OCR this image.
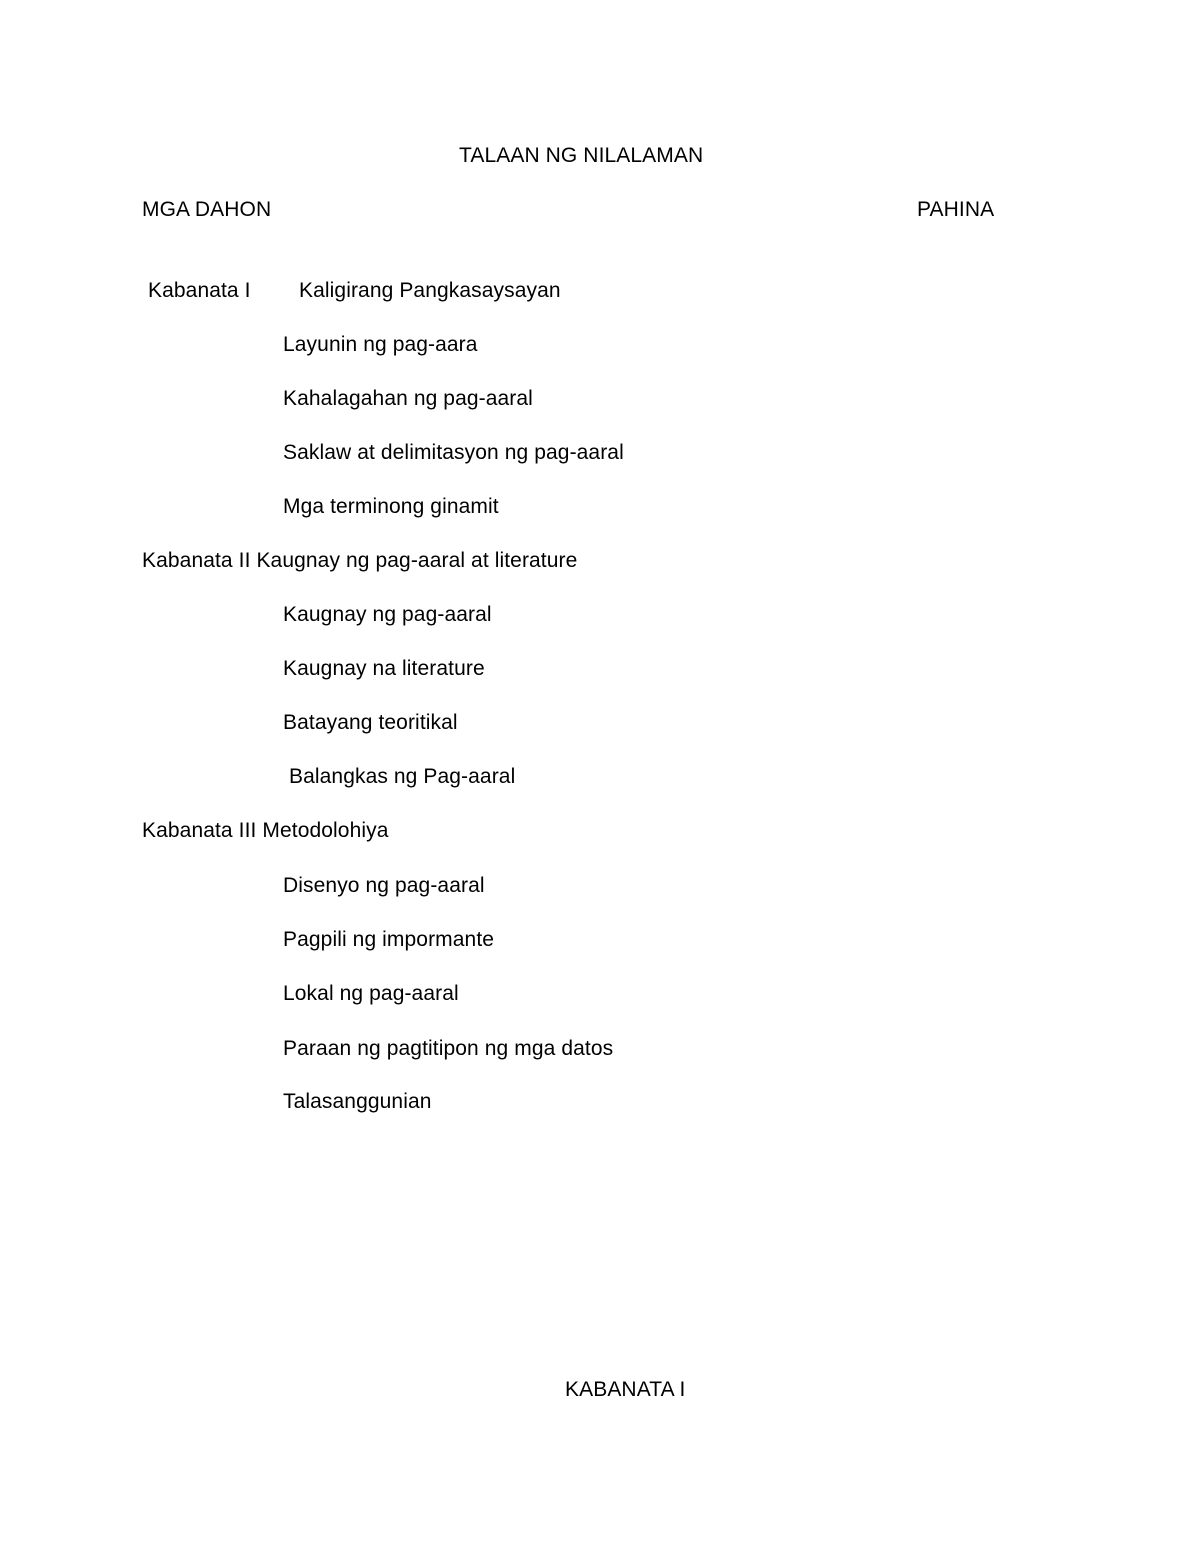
TALAAN NG NILALAMAN
MGA DAHON	PAHINA
Kabanata I Kaligirang Pangkasaysayan
Layunin ng pag-aara
Kahalagahan ng pag-aaral
Saklaw at delimitasyon ng pag-aaral
Mga terminong ginamit
Kabanata II Kaugnay ng pag-aaral at literature
Kaugnay ng pag-aaral
Kaugnay na literature
Batayang teoritikal
Balangkas ng Pag-aaral
Kabanata III Metodolohiya
Disenyo ng pag-aaral
Pagpili ng impormante
Lokal ng pag-aaral
Paraan ng pagtitipon ng mga datos
Talasanggunian
KABANATA I
